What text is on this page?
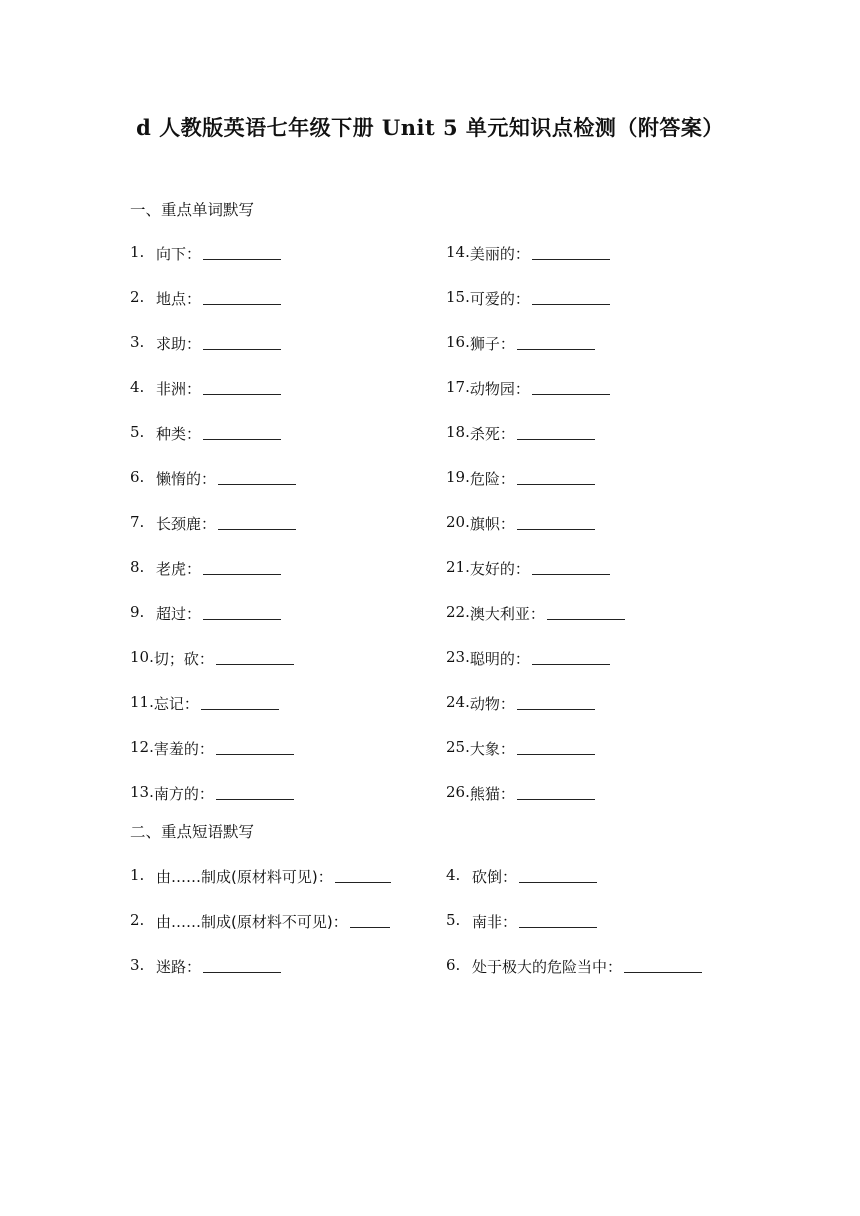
d 人教版英语七年级下册 Unit 5 单元知识点检测（附答案）
一、重点单词默写
1. 向下：
2. 地点：
3. 求助：
4. 非洲：
5. 种类：
6. 懒惰的：
7. 长颈鹿：
8. 老虎：
9. 超过：
10. 切；砍：
11. 忘记：
12. 害羞的：
13. 南方的：
14. 美丽的：
15. 可爱的：
16. 狮子：
17. 动物园：
18. 杀死：
19. 危险：
20. 旗帜：
21. 友好的：
22. 澳大利亚：
23. 聪明的：
24. 动物：
25. 大象：
26. 熊猫：
二、重点短语默写
1. 由……制成(原材料可见)：
2. 由……制成(原材料不可见)：
3. 迷路：
4. 砍倒：
5. 南非：
6. 处于极大的危险当中：
